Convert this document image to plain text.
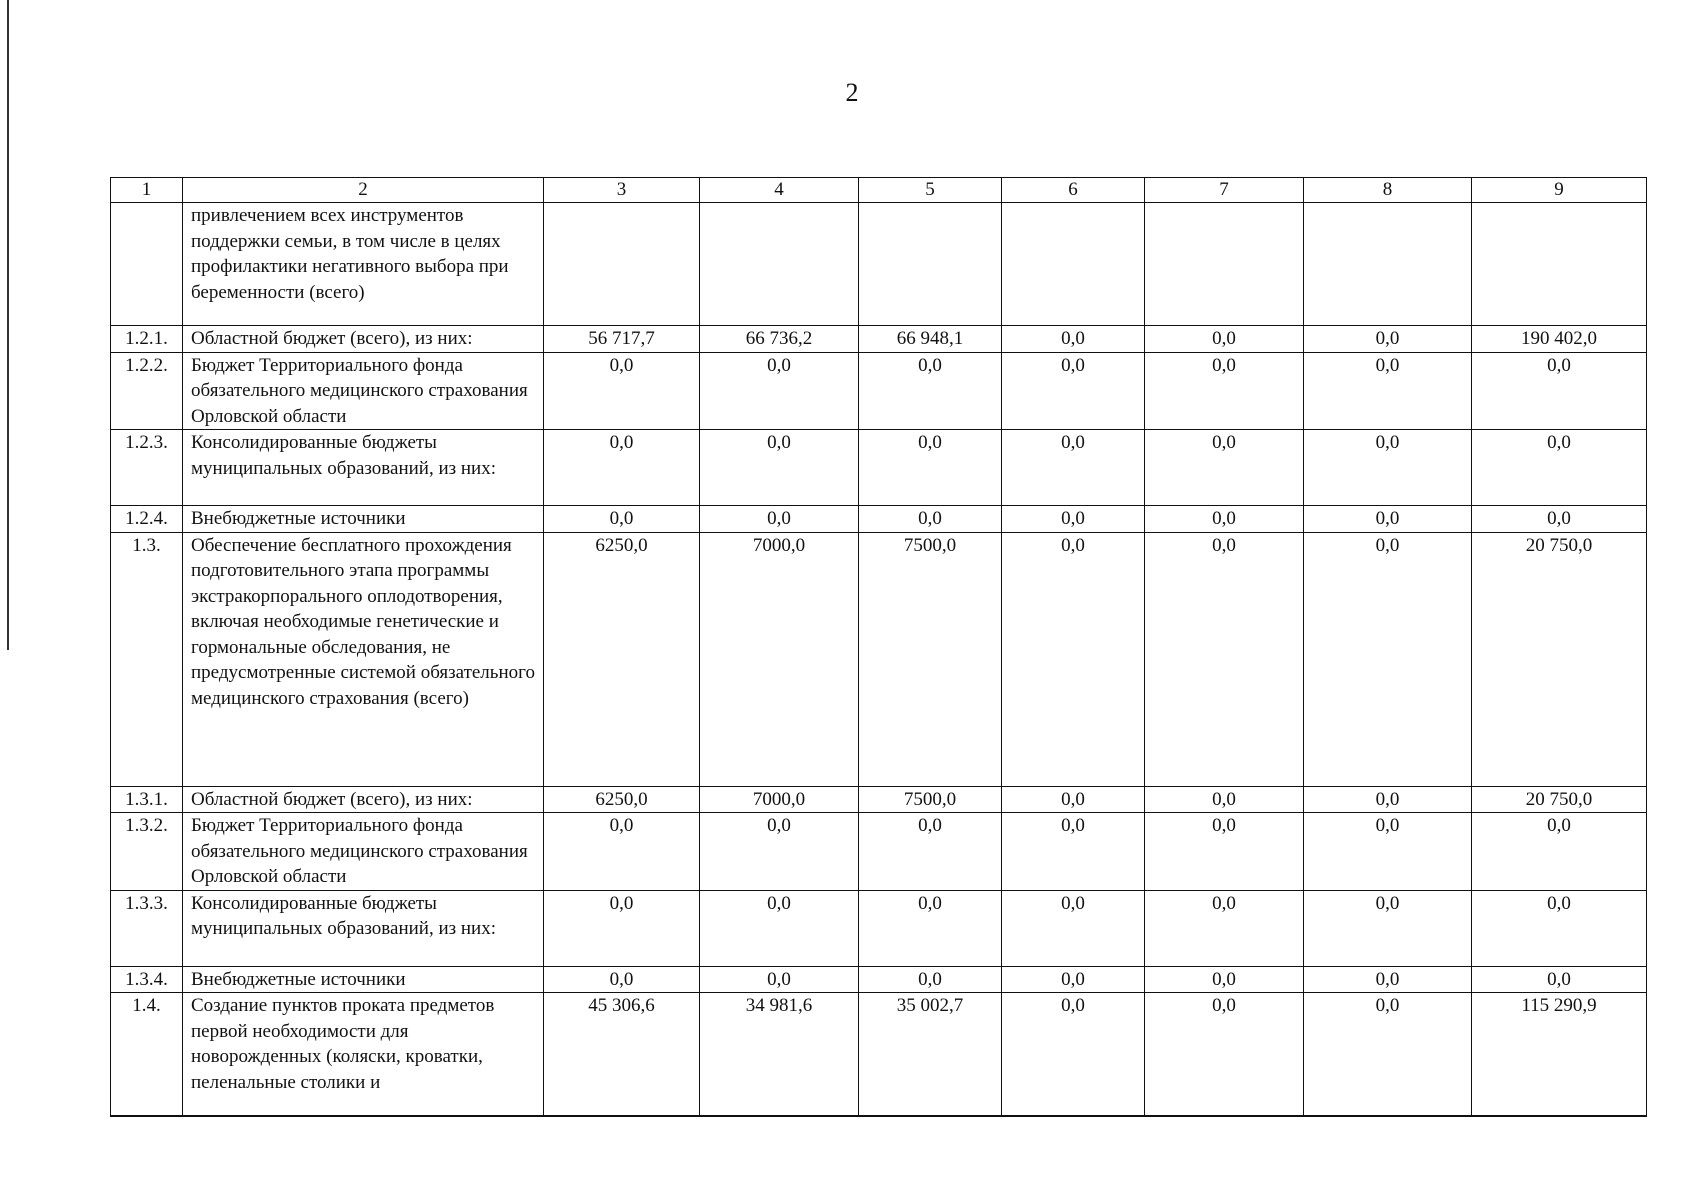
2
1	2	3	4	5	6	7	8	9
	привлечением всех инструментов поддержки семьи, в том числе в целях профилактики негативного выбора при беременности (всего)							
1.2.1.	Областной бюджет (всего), из них:	56 717,7	66 736,2	66 948,1	0,0	0,0	0,0	190 402,0
1.2.2.	Бюджет Территориального фонда обязательного медицинского страхования Орловской области	0,0	0,0	0,0	0,0	0,0	0,0	0,0
1.2.3.	Консолидированные бюджеты муниципальных образований, из них:	0,0	0,0	0,0	0,0	0,0	0,0	0,0
1.2.4.	Внебюджетные источники	0,0	0,0	0,0	0,0	0,0	0,0	0,0
1.3.	Обеспечение бесплатного прохождения подготовительного этапа программы экстракорпорального оплодотворения, включая необходимые генетические и гормональные обследования, не предусмотренные системой обязательного медицинского страхования (всего)	6250,0	7000,0	7500,0	0,0	0,0	0,0	20 750,0
1.3.1.	Областной бюджет (всего), из них:	6250,0	7000,0	7500,0	0,0	0,0	0,0	20 750,0
1.3.2.	Бюджет Территориального фонда обязательного медицинского страхования Орловской области	0,0	0,0	0,0	0,0	0,0	0,0	0,0
1.3.3.	Консолидированные бюджеты муниципальных образований, из них:	0,0	0,0	0,0	0,0	0,0	0,0	0,0
1.3.4.	Внебюджетные источники	0,0	0,0	0,0	0,0	0,0	0,0	0,0
1.4.	Создание пунктов проката предметов первой необходимости для новорожденных (коляски, кроватки, пеленальные столики и	45 306,6	34 981,6	35 002,7	0,0	0,0	0,0	115 290,9
